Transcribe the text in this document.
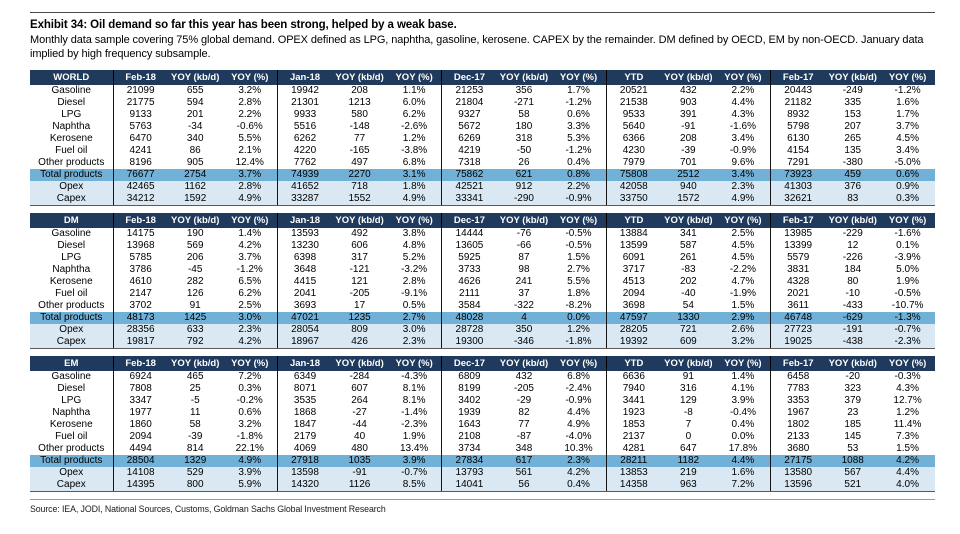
Exhibit 34: Oil demand so far this year has been strong, helped by a weak base.
Monthly data sample covering 75% global demand. OPEX defined as LPG, naphtha, gasoline, kerosene. CAPEX by the remainder. DM defined by OECD, EM by non-OECD. January data implied by high frequency subsample.
WORLD	Feb-18	YOY (kb/d)	YOY (%)	Jan-18	YOY (kb/d)	YOY (%)	Dec-17	YOY (kb/d)	YOY (%)	YTD	YOY (kb/d)	YOY (%)	Feb-17	YOY (kb/d)	YOY (%)
Gasoline	21099	655	3.2%	19942	208	1.1%	21253	356	1.7%	20521	432	2.2%	20443	-249	-1.2%
Diesel	21775	594	2.8%	21301	1213	6.0%	21804	-271	-1.2%	21538	903	4.4%	21182	335	1.6%
LPG	9133	201	2.2%	9933	580	6.2%	9327	58	0.6%	9533	391	4.3%	8932	153	1.7%
Naphtha	5763	-34	-0.6%	5516	-148	-2.6%	5672	180	3.3%	5640	-91	-1.6%	5798	207	3.7%
Kerosene	6470	340	5.5%	6262	77	1.2%	6269	318	5.3%	6366	208	3.4%	6130	265	4.5%
Fuel oil	4241	86	2.1%	4220	-165	-3.8%	4219	-50	-1.2%	4230	-39	-0.9%	4154	135	3.4%
Other products	8196	905	12.4%	7762	497	6.8%	7318	26	0.4%	7979	701	9.6%	7291	-380	-5.0%
Total products	76677	2754	3.7%	74939	2270	3.1%	75862	621	0.8%	75808	2512	3.4%	73923	459	0.6%
Opex	42465	1162	2.8%	41652	718	1.8%	42521	912	2.2%	42058	940	2.3%	41303	376	0.9%
Capex	34212	1592	4.9%	33287	1552	4.9%	33341	-290	-0.9%	33750	1572	4.9%	32621	83	0.3%
DM	Feb-18	YOY (kb/d)	YOY (%)	Jan-18	YOY (kb/d)	YOY (%)	Dec-17	YOY (kb/d)	YOY (%)	YTD	YOY (kb/d)	YOY (%)	Feb-17	YOY (kb/d)	YOY (%)
Gasoline	14175	190	1.4%	13593	492	3.8%	14444	-76	-0.5%	13884	341	2.5%	13985	-229	-1.6%
Diesel	13968	569	4.2%	13230	606	4.8%	13605	-66	-0.5%	13599	587	4.5%	13399	12	0.1%
LPG	5785	206	3.7%	6398	317	5.2%	5925	87	1.5%	6091	261	4.5%	5579	-226	-3.9%
Naphtha	3786	-45	-1.2%	3648	-121	-3.2%	3733	98	2.7%	3717	-83	-2.2%	3831	184	5.0%
Kerosene	4610	282	6.5%	4415	121	2.8%	4626	241	5.5%	4513	202	4.7%	4328	80	1.9%
Fuel oil	2147	126	6.2%	2041	-205	-9.1%	2111	37	1.8%	2094	-40	-1.9%	2021	-10	-0.5%
Other products	3702	91	2.5%	3693	17	0.5%	3584	-322	-8.2%	3698	54	1.5%	3611	-433	-10.7%
Total products	48173	1425	3.0%	47021	1235	2.7%	48028	4	0.0%	47597	1330	2.9%	46748	-629	-1.3%
Opex	28356	633	2.3%	28054	809	3.0%	28728	350	1.2%	28205	721	2.6%	27723	-191	-0.7%
Capex	19817	792	4.2%	18967	426	2.3%	19300	-346	-1.8%	19392	609	3.2%	19025	-438	-2.3%
EM	Feb-18	YOY (kb/d)	YOY (%)	Jan-18	YOY (kb/d)	YOY (%)	Dec-17	YOY (kb/d)	YOY (%)	YTD	YOY (kb/d)	YOY (%)	Feb-17	YOY (kb/d)	YOY (%)
Gasoline	6924	465	7.2%	6349	-284	-4.3%	6809	432	6.8%	6636	91	1.4%	6458	-20	-0.3%
Diesel	7808	25	0.3%	8071	607	8.1%	8199	-205	-2.4%	7940	316	4.1%	7783	323	4.3%
LPG	3347	-5	-0.2%	3535	264	8.1%	3402	-29	-0.9%	3441	129	3.9%	3353	379	12.7%
Naphtha	1977	11	0.6%	1868	-27	-1.4%	1939	82	4.4%	1923	-8	-0.4%	1967	23	1.2%
Kerosene	1860	58	3.2%	1847	-44	-2.3%	1643	77	4.9%	1853	7	0.4%	1802	185	11.4%
Fuel oil	2094	-39	-1.8%	2179	40	1.9%	2108	-87	-4.0%	2137	0	0.0%	2133	145	7.3%
Other products	4494	814	22.1%	4069	480	13.4%	3734	348	10.3%	4281	647	17.8%	3680	53	1.5%
Total products	28504	1329	4.9%	27918	1035	3.9%	27834	617	2.3%	28211	1182	4.4%	27175	1088	4.2%
Opex	14108	529	3.9%	13598	-91	-0.7%	13793	561	4.2%	13853	219	1.6%	13580	567	4.4%
Capex	14395	800	5.9%	14320	1126	8.5%	14041	56	0.4%	14358	963	7.2%	13596	521	4.0%
Source: IEA, JODI, National Sources, Customs, Goldman Sachs Global Investment Research
